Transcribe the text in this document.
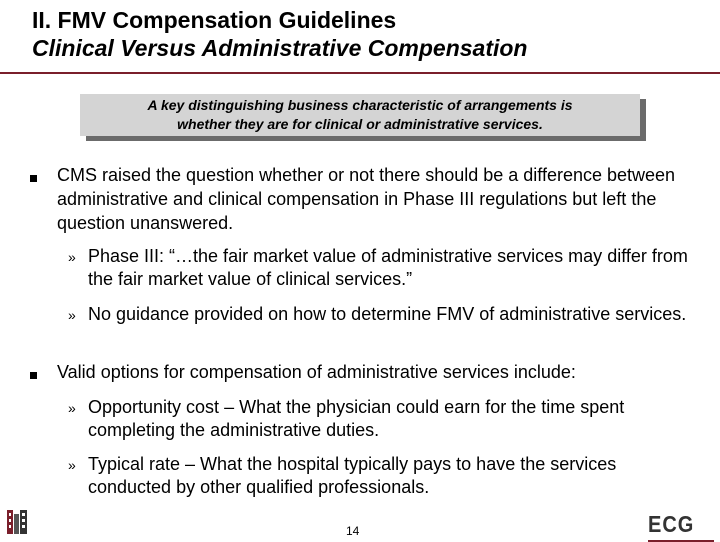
II. FMV Compensation Guidelines
Clinical Versus Administrative Compensation
A key distinguishing business characteristic of arrangements is whether they are for clinical or administrative services.
CMS raised the question whether or not there should be a difference between administrative and clinical compensation in Phase III regulations but left the question unanswered.
» Phase III: “…the fair market value of administrative services may differ from the fair market value of clinical services.”
» No guidance provided on how to determine FMV of administrative services.
Valid options for compensation of administrative services include:
» Opportunity cost – What the physician could earn for the time spent completing the administrative duties.
» Typical rate – What the hospital typically pays to have the services conducted by other qualified professionals.
14	ECG
